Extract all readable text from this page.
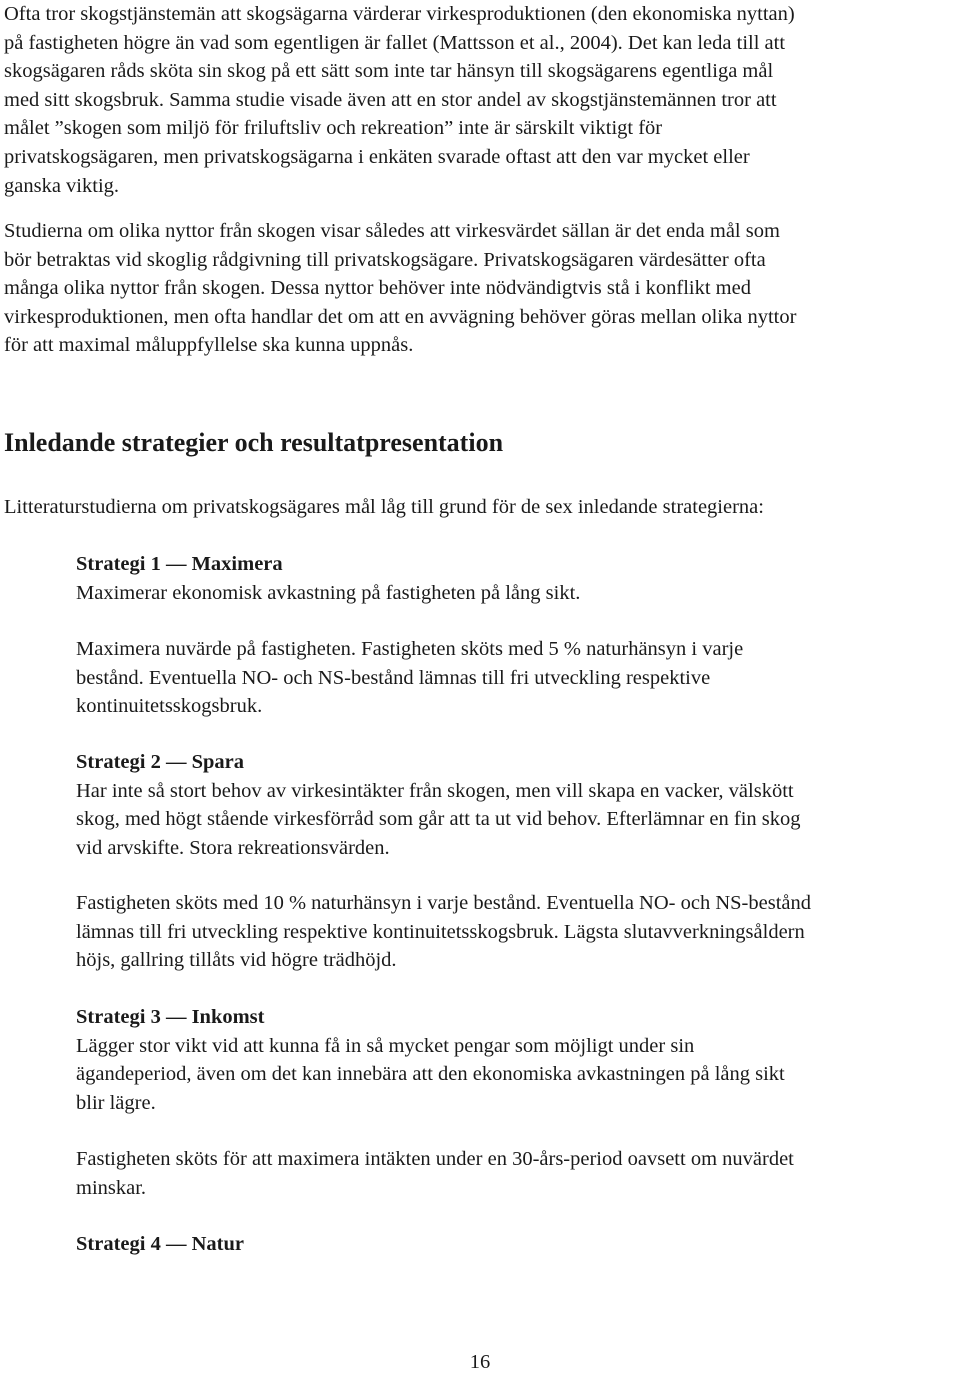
Ofta tror skogstjänstemän att skogsägarna värderar virkesproduktionen (den ekonomiska nyttan)
på fastigheten högre än vad som egentligen är fallet (Mattsson et al., 2004). Det kan leda till att
skogsägaren råds sköta sin skog på ett sätt som inte tar hänsyn till skogsägarens egentliga mål
med sitt skogsbruk. Samma studie visade även att en stor andel av skogstjänstemännen tror att
målet ”skogen som miljö för friluftsliv och rekreation” inte är särskilt viktigt för
privatskogsägaren, men privatskogsägarna i enkäten svarade oftast att den var mycket eller
ganska viktig.

Studierna om olika nyttor från skogen visar således att virkesvärdet sällan är det enda mål som
bör betraktas vid skoglig rådgivning till privatskogsägare. Privatskogsägaren värdesätter ofta
många olika nyttor från skogen. Dessa nyttor behöver inte nödvändigtvis stå i konflikt med
virkesproduktionen, men ofta handlar det om att en avvägning behöver göras mellan olika nyttor
för att maximal måluppfyllelse ska kunna uppnås.

Inledande strategier och resultatpresentation

Litteraturstudierna om privatskogsägares mål låg till grund för de sex inledande strategierna:

Strategi 1 — Maximera
Maximerar ekonomisk avkastning på fastigheten på lång sikt.

Maximera nuvärde på fastigheten. Fastigheten sköts med 5 % naturhänsyn i varje
bestånd. Eventuella NO- och NS-bestånd lämnas till fri utveckling respektive
kontinuitetsskogsbruk.

Strategi 2 — Spara
Har inte så stort behov av virkesintäkter från skogen, men vill skapa en vacker, välskött
skog, med högt stående virkesförråd som går att ta ut vid behov. Efterlämnar en fin skog
vid arvskifte. Stora rekreationsvärden.

Fastigheten sköts med 10 % naturhänsyn i varje bestånd. Eventuella NO- och NS-bestånd
lämnas till fri utveckling respektive kontinuitetsskogsbruk. Lägsta slutavverkningsåldern
höjs, gallring tillåts vid högre trädhöjd.

Strategi 3 — Inkomst
Lägger stor vikt vid att kunna få in så mycket pengar som möjligt under sin
ägandeperiod, även om det kan innebära att den ekonomiska avkastningen på lång sikt
blir lägre.

Fastigheten sköts för att maximera intäkten under en 30-års-period oavsett om nuvärdet
minskar.

Strategi 4 — Natur

16
